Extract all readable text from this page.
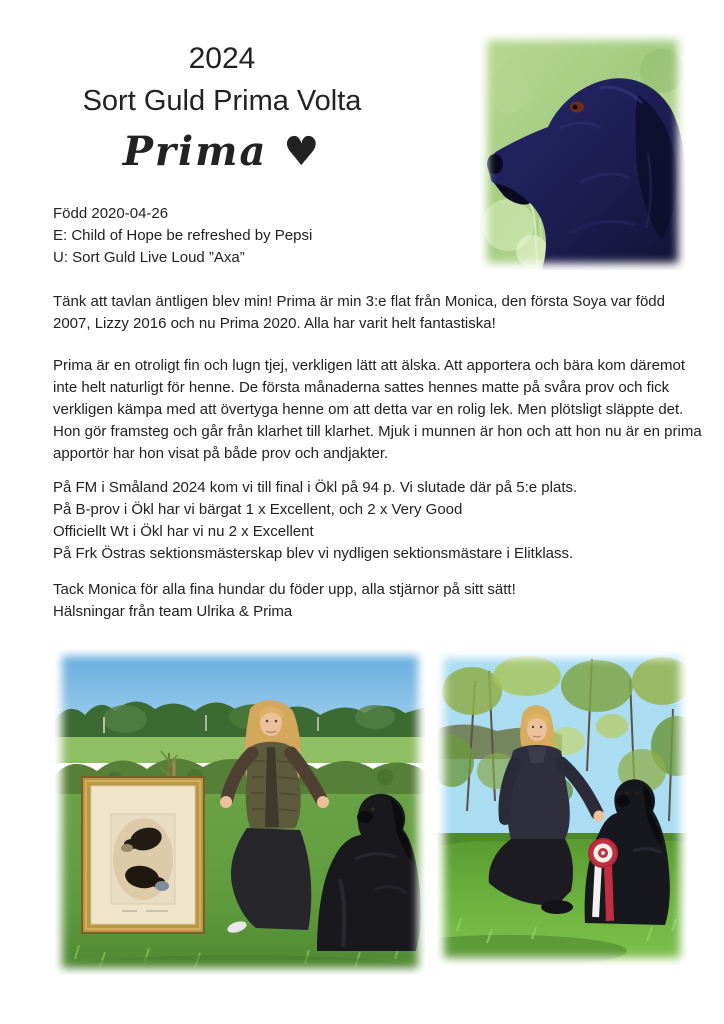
2024
Sort Guld Prima Volta
Prima ♥
Född 2020-04-26
E: Child of Hope be refreshed by Pepsi
U: Sort Guld Live Loud ”Axa”

Tänk att tavlan äntligen blev min! Prima är min 3:e flat från Monica, den första Soya var född 2007, Lizzy 2016 och nu Prima 2020. Alla har varit helt fantastiska!

Prima är en otroligt fin och lugn tjej, verkligen lätt att älska. Att apportera och bära kom däremot inte helt naturligt för henne. De första månaderna sattes hennes matte på svåra prov och fick verkligen kämpa med att övertyga henne om att detta var en rolig lek. Men plötsligt släppte det. Hon gör framsteg och går från klarhet till klarhet. Mjuk i munnen är hon och att hon nu är en prima apportör har hon visat på både prov och andjakter.

På FM i Småland 2024 kom vi till final i Ökl på 94 p. Vi slutade där på 5:e plats.
På B-prov i Ökl har vi bärgat 1 x Excellent, och 2 x Very Good
Officiellt Wt i Ökl har vi nu 2 x Excellent
På Frk Östras sektionsmästerskap blev vi nydligen sektionsmästare i Elitklass.
Tack Monica för alla fina hundar du föder upp, alla stjärnor på sitt sätt!
Hälsningar från team Ulrika & Prima
